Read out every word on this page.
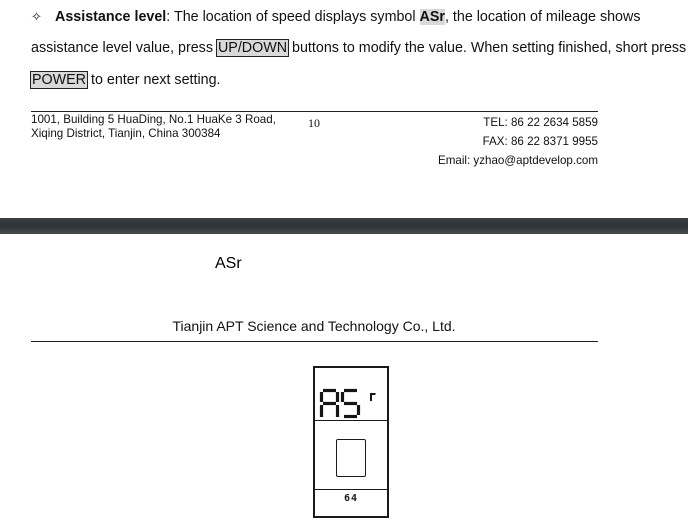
✧ Assistance level: The location of speed displays symbol ASr, the location of mileage shows
assistance level value, press UP/DOWN buttons to modify the value. When setting finished, short press
POWER to enter next setting.
1001, Building 5 HuaDing, No.1 HuaKe 3 Road,
Xiqing District, Tianjin, China 300384
10	TEL: 86 22 2634 5859
FAX: 86 22 8371 9955
Email: yzhao@aptdevelop.com
Tianjin APT Science and Technology Co., Ltd.
ASr
64
